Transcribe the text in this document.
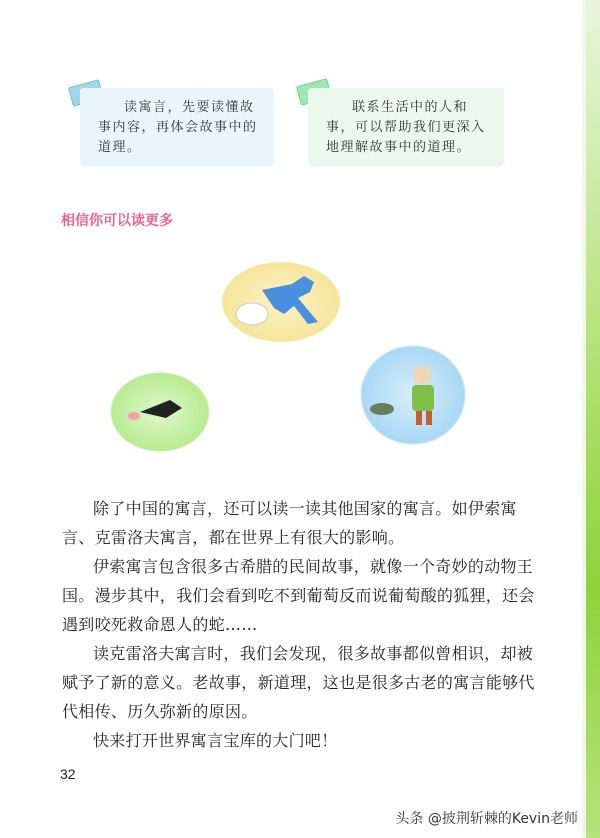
读寓言，先要读懂故事内容，再体会故事中的道理。

联系生活中的人和事，可以帮助我们更深入地理解故事中的道理。

相信你可以读更多
除了中国的寓言，还可以读一读其他国家的寓言。如伊索寓
言、克雷洛夫寓言，都在世界上有很大的影响。
伊索寓言包含很多古希腊的民间故事，就像一个奇妙的动物王
国。漫步其中，我们会看到吃不到葡萄反而说葡萄酸的狐狸，还会
遇到咬死救命恩人的蛇……
读克雷洛夫寓言时，我们会发现，很多故事都似曾相识，却被
赋予了新的意义。老故事，新道理，这也是很多古老的寓言能够代
代相传、历久弥新的原因。
快来打开世界寓言宝库的大门吧！
32
头条 @披荆斩棘的Kevin老师
